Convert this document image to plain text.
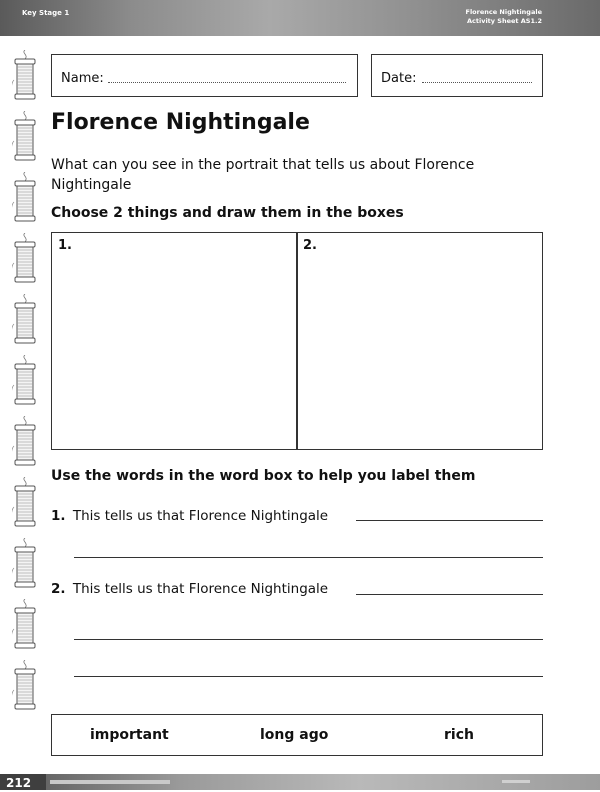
Key Stage 1	Florence Nightingale
Activity Sheet AS1.2
Name:	Date:
Florence Nightingale
What can you see in the portrait that tells us about Florence Nightingale
Choose 2 things and draw them in the boxes
1.	2.
Use the words in the word box to help you label them
1. This tells us that Florence Nightingale
2. This tells us that Florence Nightingale
important	long ago	rich
212
